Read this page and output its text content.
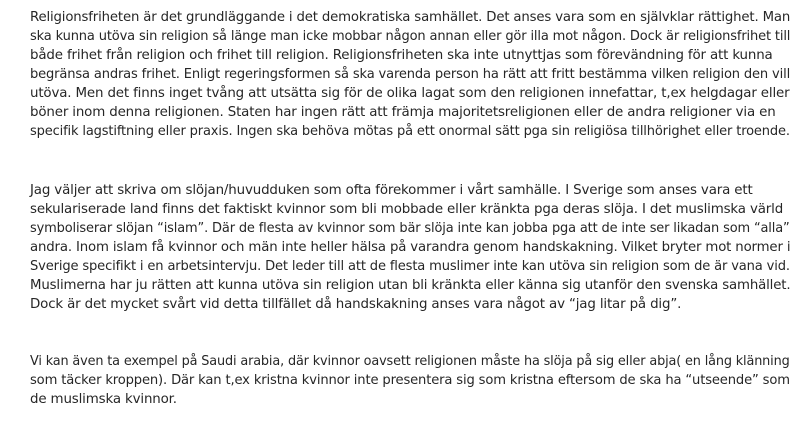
Religionsfriheten är det grundläggande i det demokratiska samhället. Det anses vara som en självklar rättighet. Man
ska kunna utöva sin religion så länge man icke mobbar någon annan eller gör illa mot någon. Dock är religionsfrihet till
både frihet från religion och frihet till religion. Religionsfriheten ska inte utnyttjas som förevändning för att kunna
begränsa andras frihet. Enligt regeringsformen så ska varenda person ha rätt att fritt bestämma vilken religion den vill
utöva. Men det finns inget tvång att utsätta sig för de olika lagat som den religionen innefattar, t,ex helgdagar eller
böner inom denna religionen. Staten har ingen rätt att främja majoritetsreligionen eller de andra religioner via en
specifik lagstiftning eller praxis. Ingen ska behöva mötas på ett onormal sätt pga sin religiösa tillhörighet eller troende.
Jag väljer att skriva om slöjan/huvudduken som ofta förekommer i vårt samhälle. I Sverige som anses vara ett
sekulariserade land finns det faktiskt kvinnor som bli mobbade eller kränkta pga deras slöja. I det muslimska värld
symboliserar slöjan “islam”. Där de flesta av kvinnor som bär slöja inte kan jobba pga att de inte ser likadan som “alla”
andra. Inom islam få kvinnor och män inte heller hälsa på varandra genom handskakning. Vilket bryter mot normer i
Sverige specifikt i en arbetsintervju. Det leder till att de flesta muslimer inte kan utöva sin religion som de är vana vid.
Muslimerna har ju rätten att kunna utöva sin religion utan bli kränkta eller känna sig utanför den svenska samhället.
Dock är det mycket svårt vid detta tillfället då handskakning anses vara något av “jag litar på dig”.
Vi kan även ta exempel på Saudi arabia, där kvinnor oavsett religionen måste ha slöja på sig eller abja( en lång klänning
som täcker kroppen). Där kan t,ex kristna kvinnor inte presentera sig som kristna eftersom de ska ha “utseende” som
de muslimska kvinnor.
